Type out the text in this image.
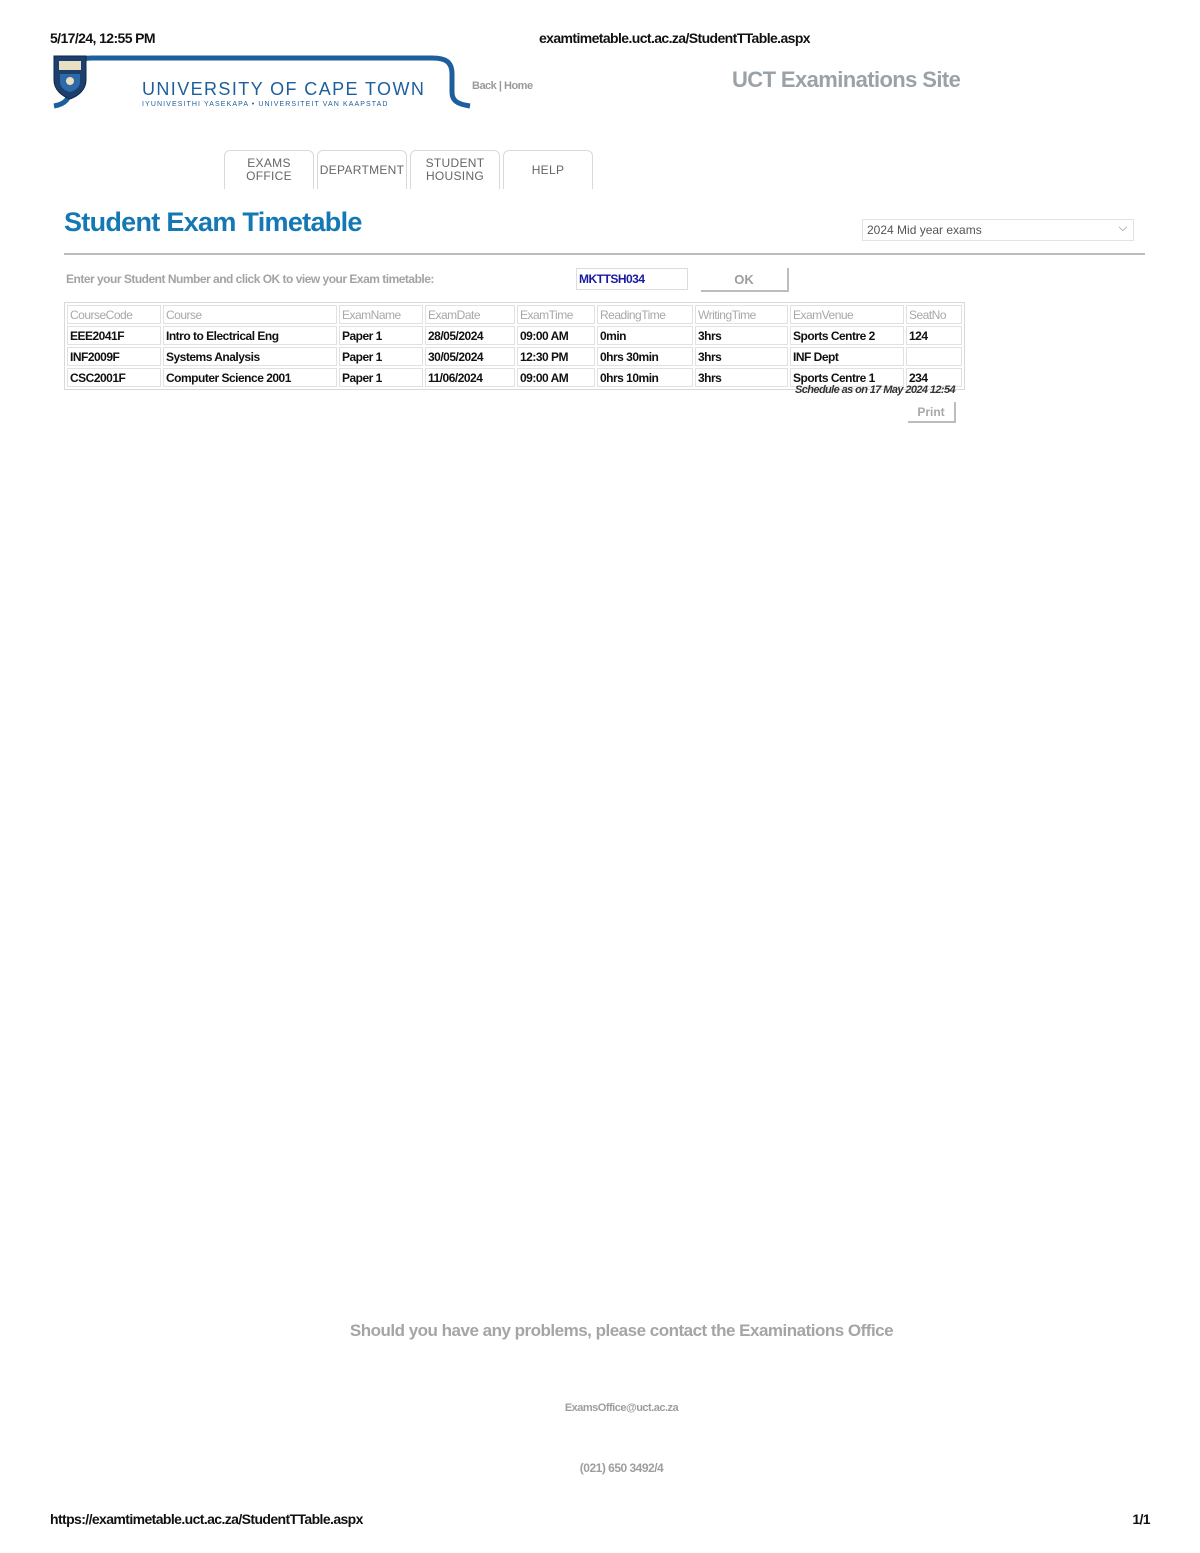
5/17/24, 12:55 PM	examtimetable.uct.ac.za/StudentTTable.aspx
UNIVERSITY OF CAPE TOWN
IYUNIVESITHI YASEKAPA • UNIVERSITEIT VAN KAAPSTAD
Back | Home	UCT Examinations Site
EXAMS
OFFICE	DEPARTMENT	STUDENT
HOUSING	HELP
Student Exam Timetable	2024 Mid year exams	⌵
Enter your Student Number and click OK to view your Exam timetable:
MKTTSH034	OK
CourseCode	Course	ExamName	ExamDate	ExamTime	ReadingTime	WritingTime	ExamVenue	SeatNo
EEE2041F	Intro to Electrical Eng	Paper 1	28/05/2024	09:00 AM	0min	3hrs	Sports Centre 2	124
INF2009F	Systems Analysis	Paper 1	30/05/2024	12:30 PM	0hrs 30min	3hrs	INF Dept	
CSC2001F	Computer Science 2001	Paper 1	11/06/2024	09:00 AM	0hrs 10min	3hrs	Sports Centre 1	234
Schedule as on 17 May 2024 12:54
Print
Should you have any problems, please contact the Examinations Office
ExamsOffice@uct.ac.za
(021) 650 3492/4
https://examtimetable.uct.ac.za/StudentTTable.aspx	1/1
